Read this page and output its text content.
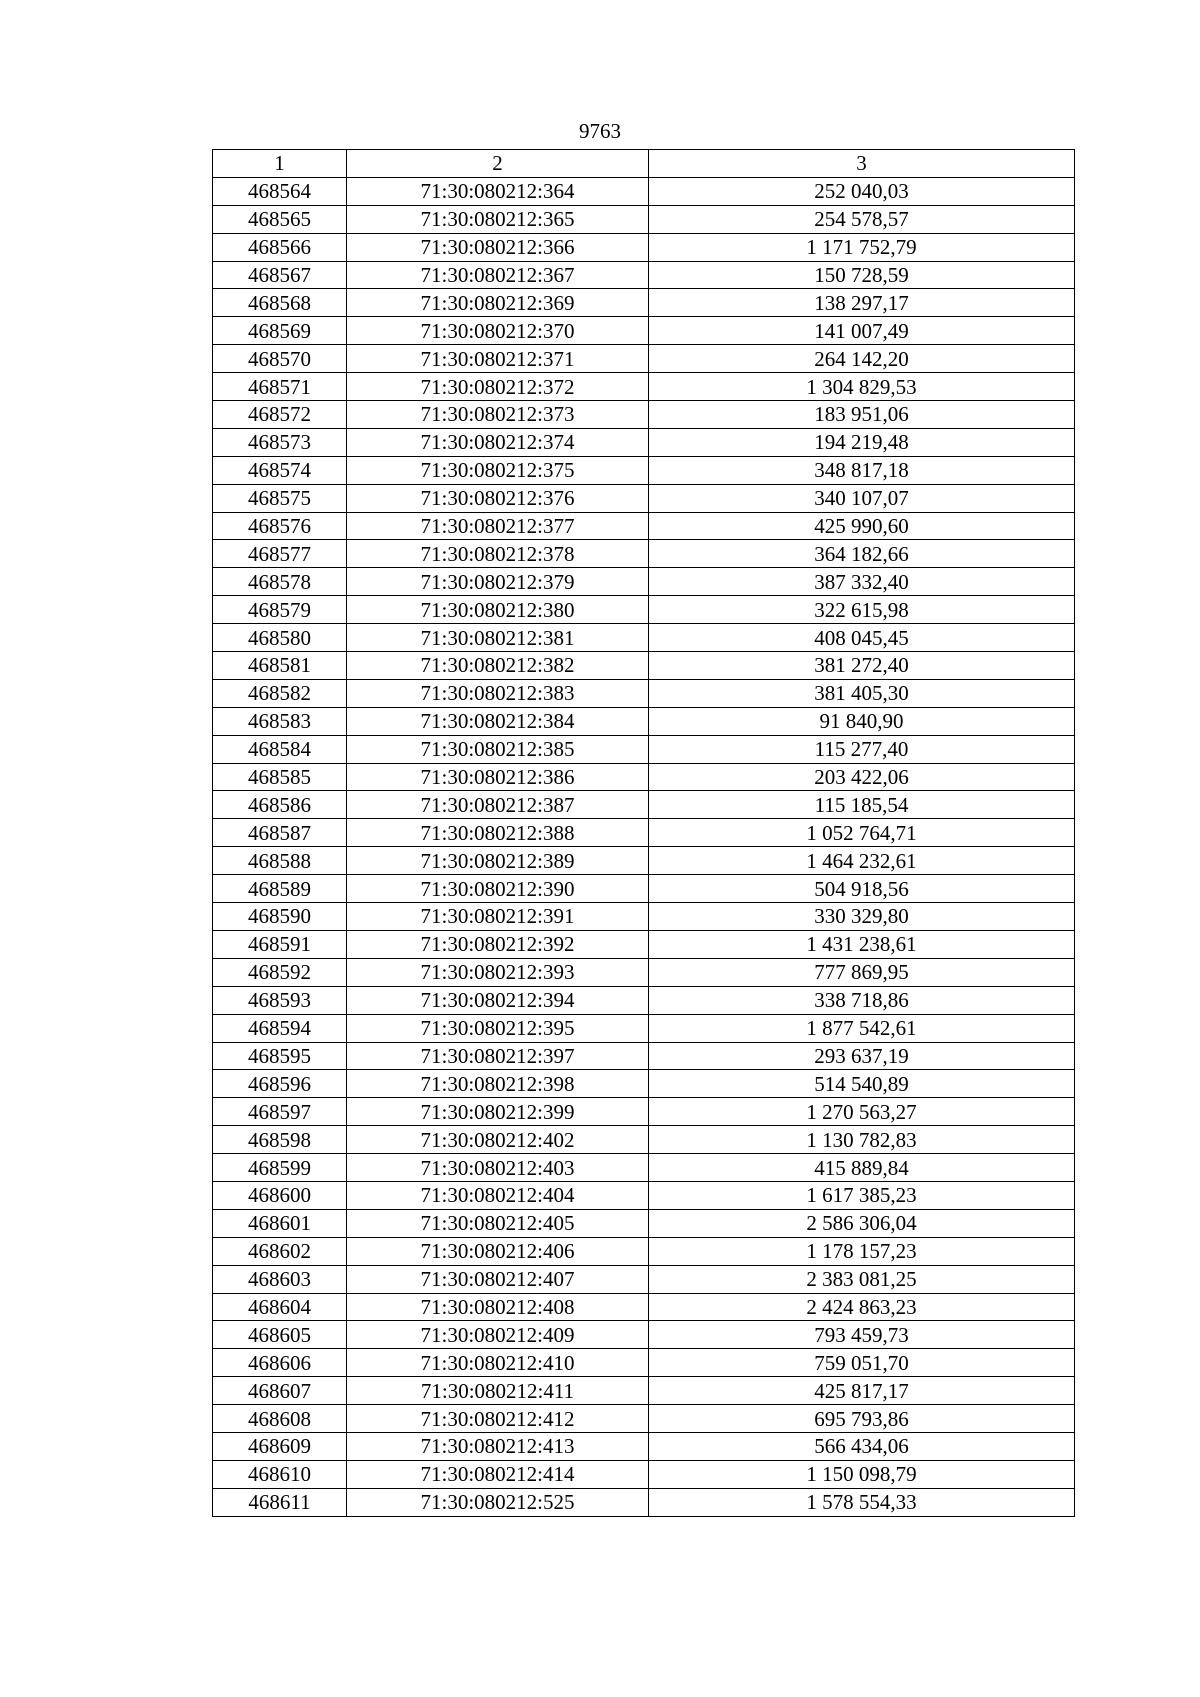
9763
1	2	3
468564	71:30:080212:364	252 040,03
468565	71:30:080212:365	254 578,57
468566	71:30:080212:366	1 171 752,79
468567	71:30:080212:367	150 728,59
468568	71:30:080212:369	138 297,17
468569	71:30:080212:370	141 007,49
468570	71:30:080212:371	264 142,20
468571	71:30:080212:372	1 304 829,53
468572	71:30:080212:373	183 951,06
468573	71:30:080212:374	194 219,48
468574	71:30:080212:375	348 817,18
468575	71:30:080212:376	340 107,07
468576	71:30:080212:377	425 990,60
468577	71:30:080212:378	364 182,66
468578	71:30:080212:379	387 332,40
468579	71:30:080212:380	322 615,98
468580	71:30:080212:381	408 045,45
468581	71:30:080212:382	381 272,40
468582	71:30:080212:383	381 405,30
468583	71:30:080212:384	91 840,90
468584	71:30:080212:385	115 277,40
468585	71:30:080212:386	203 422,06
468586	71:30:080212:387	115 185,54
468587	71:30:080212:388	1 052 764,71
468588	71:30:080212:389	1 464 232,61
468589	71:30:080212:390	504 918,56
468590	71:30:080212:391	330 329,80
468591	71:30:080212:392	1 431 238,61
468592	71:30:080212:393	777 869,95
468593	71:30:080212:394	338 718,86
468594	71:30:080212:395	1 877 542,61
468595	71:30:080212:397	293 637,19
468596	71:30:080212:398	514 540,89
468597	71:30:080212:399	1 270 563,27
468598	71:30:080212:402	1 130 782,83
468599	71:30:080212:403	415 889,84
468600	71:30:080212:404	1 617 385,23
468601	71:30:080212:405	2 586 306,04
468602	71:30:080212:406	1 178 157,23
468603	71:30:080212:407	2 383 081,25
468604	71:30:080212:408	2 424 863,23
468605	71:30:080212:409	793 459,73
468606	71:30:080212:410	759 051,70
468607	71:30:080212:411	425 817,17
468608	71:30:080212:412	695 793,86
468609	71:30:080212:413	566 434,06
468610	71:30:080212:414	1 150 098,79
468611	71:30:080212:525	1 578 554,33
